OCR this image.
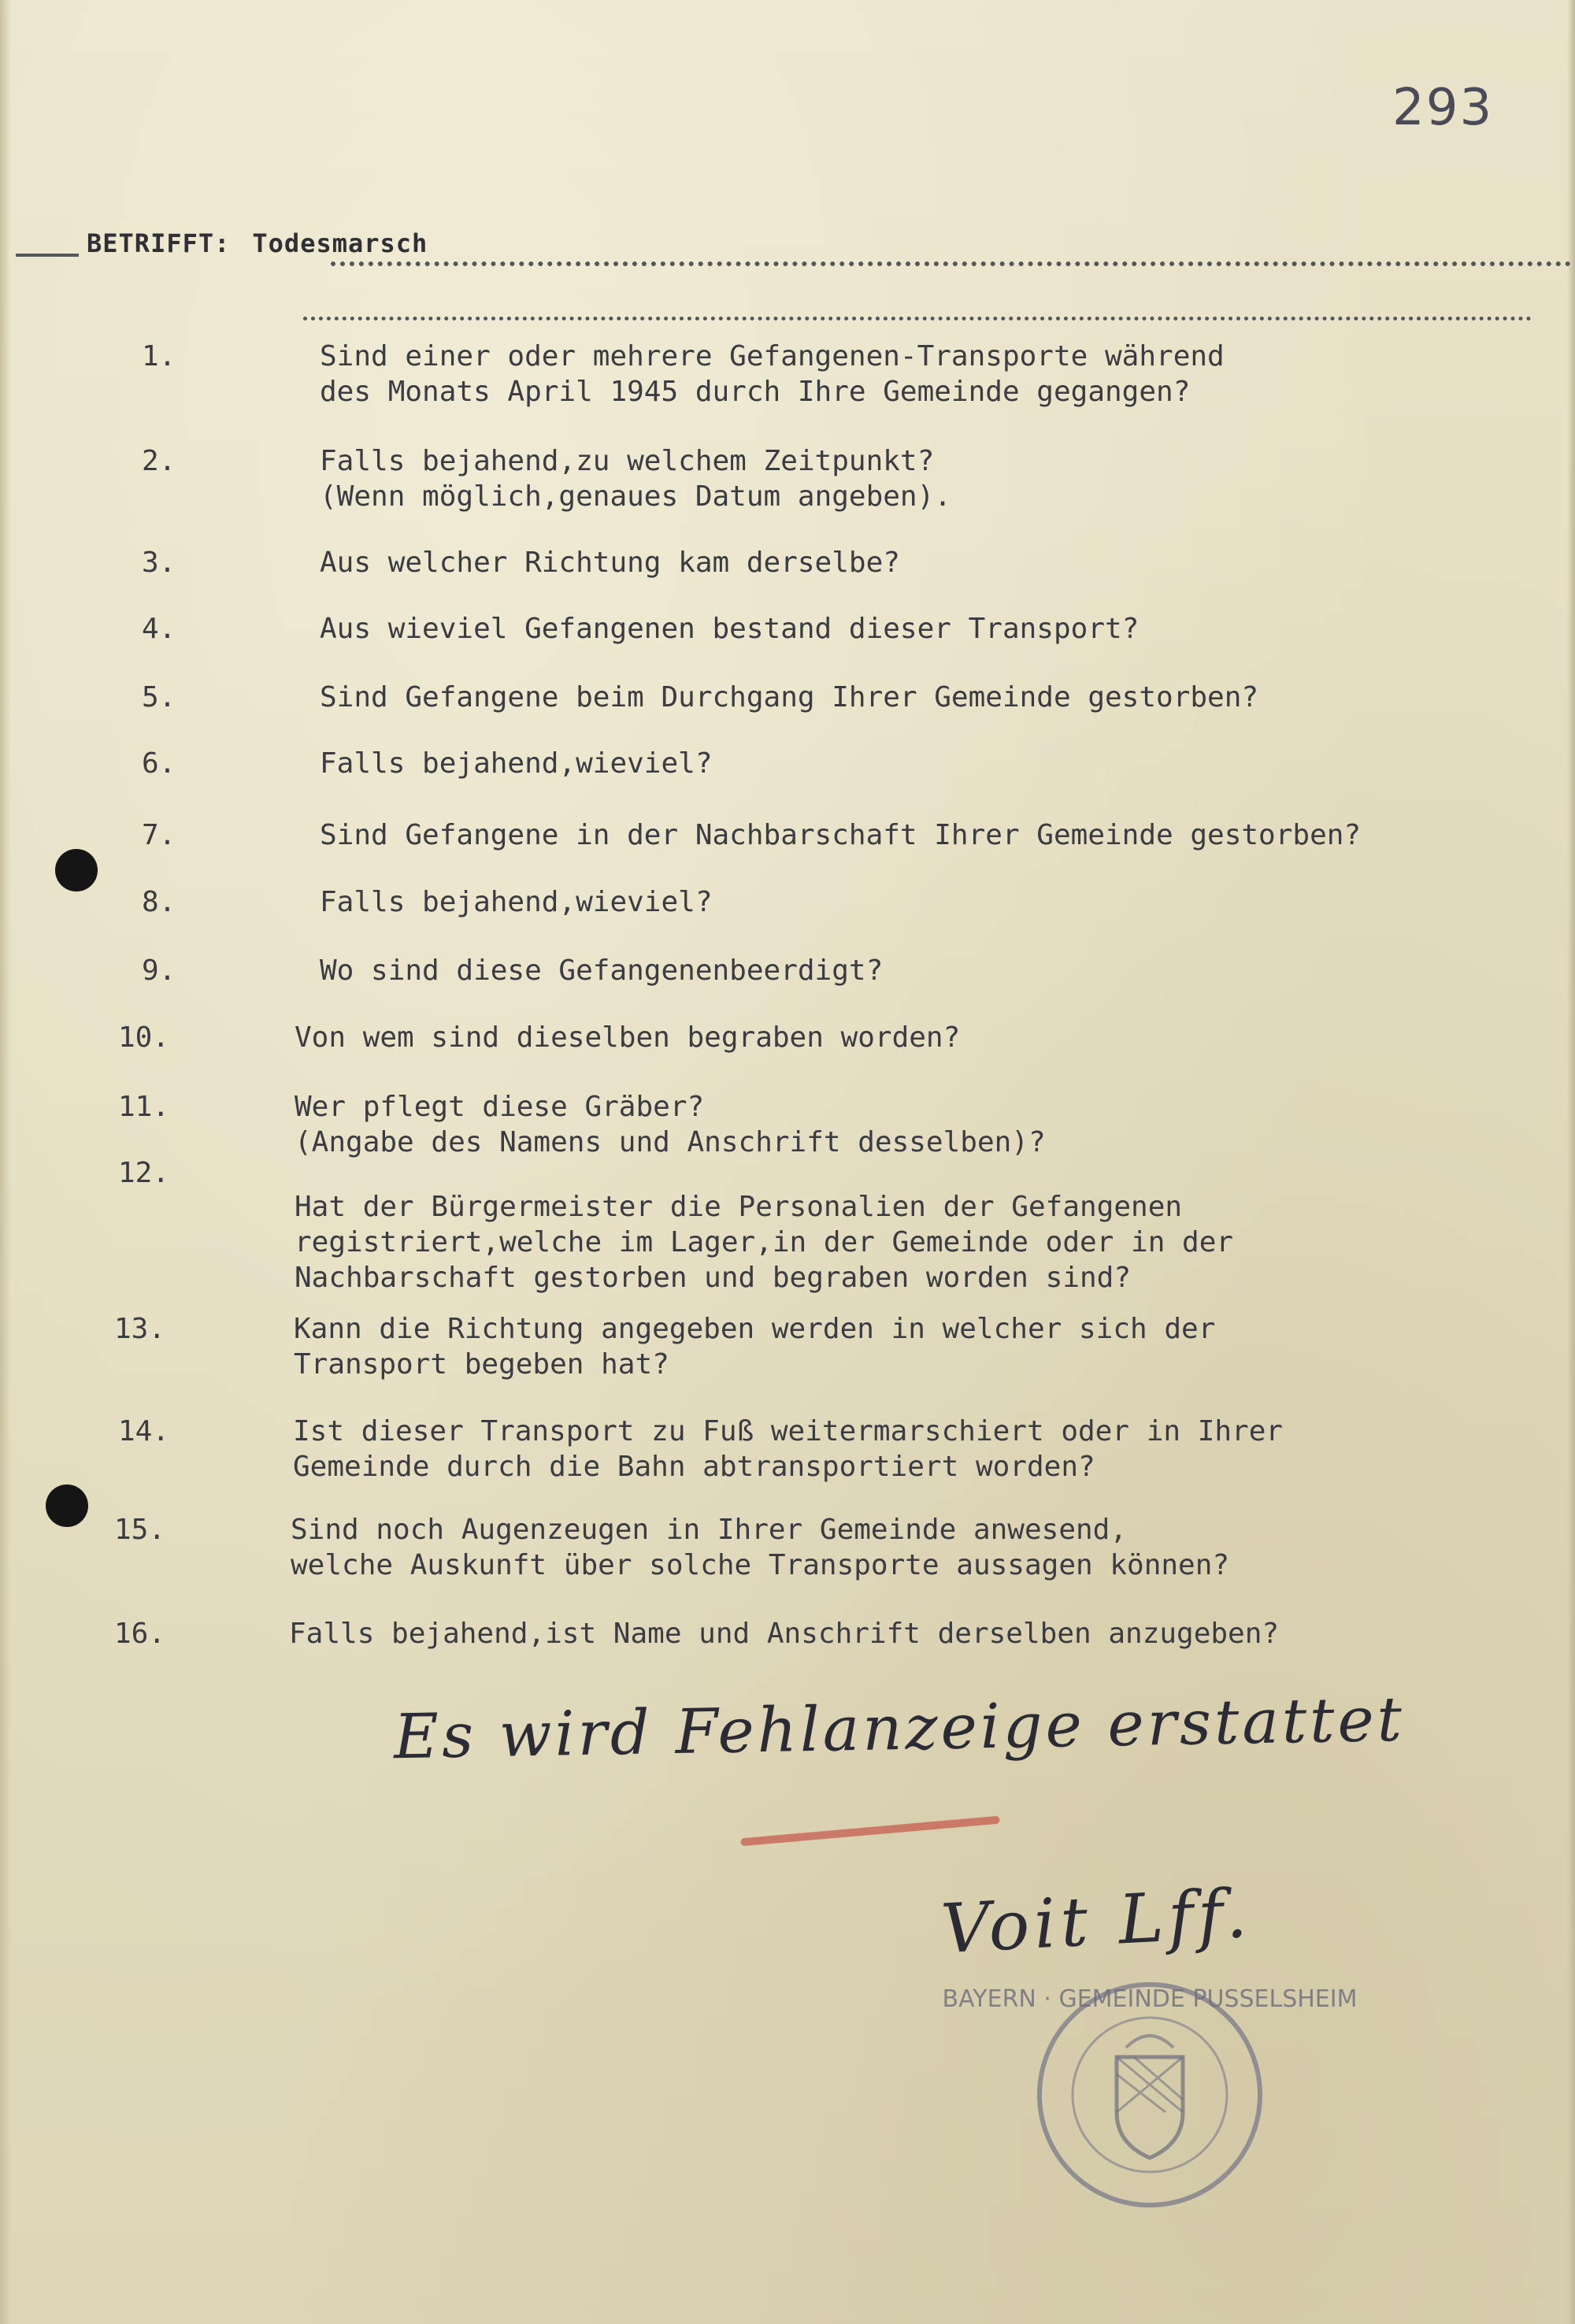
293
BETRIFFT: Todesmarsch

1.

	Sind einer oder mehrere Gefangenen-Transporte während
des Monats April 1945 durch Ihre Gemeinde gegangen?

2.

	Falls bejahend,zu welchem Zeitpunkt?
(Wenn möglich,genaues Datum angeben).

3.

	Aus welcher Richtung kam derselbe?

4.

	Aus wieviel Gefangenen bestand dieser Transport?

5.

	Sind Gefangene beim Durchgang Ihrer Gemeinde gestorben?

6.

	Falls bejahend,wieviel?

7.

	Sind Gefangene in der Nachbarschaft Ihrer Gemeinde gestorben?

8.

	Falls bejahend,wieviel?

9.

	Wo sind diese Gefangenenbeerdigt?

10.

	Von wem sind dieselben begraben worden?

11.

	Wer pflegt diese Gräber?
(Angabe des Namens und Anschrift desselben)?

12.

Hat der Bürgermeister die Personalien der Gefangenen
registriert,welche im Lager,in der Gemeinde oder in der
Nachbarschaft gestorben und begraben worden sind?

13.

	Kann die Richtung angegeben werden in welcher sich der
Transport begeben hat?

14.

	Ist dieser Transport zu Fuß weitermarschiert oder in Ihrer
Gemeinde durch die Bahn abtransportiert worden?

15.

	Sind noch Augenzeugen in Ihrer Gemeinde anwesend,
welche Auskunft über solche Transporte aussagen können?

16.

	Falls bejahend,ist Name und Anschrift derselben anzugeben?

Es wird Fehlanzeige erstattet
Voit Lff.
BAYERN · GEMEINDE PUSSELSHEIM
